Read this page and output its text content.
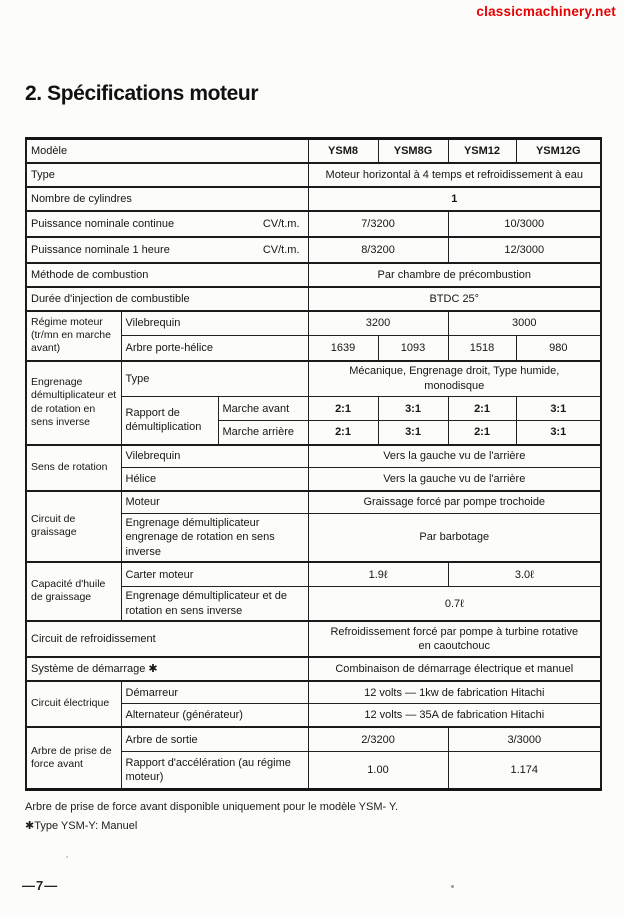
classicmachinery.net
2. Spécifications moteur
Modèle			YSM8	YSM8G	YSM12	YSM12G
Type			Moteur horizontal à 4 temps et refroidissement à eau			
Nombre de cylindres			1			

Puissance nominale continue CV/t.m.			7/3200		10/3000	

Puissance nominale 1 heure CV/t.m.			8/3200		12/3000	
Méthode de combustion			Par chambre de précombustion			
Durée d'injection de combustible			BTDC 25°			
Régime moteur (tr/mn en marche avant)	Vilebrequin		3200		3000	
	Arbre porte-hélice		1639	1093	1518	980
Engrenage démultiplicateur et de rotation en sens inverse	Type		Mécanique, Engrenage droit, Type humide, monodisque			
	Rapport de démultiplication	Marche avant	2:1	3:1	2:1	3:1
		Marche arrière	2:1	3:1	2:1	3:1
Sens de rotation	Vilebrequin		Vers la gauche vu de l'arrière			
	Hélice		Vers la gauche vu de l'arrière			
Circuit de graissage	Moteur		Graissage forcé par pompe trochoide			
	Engrenage démultiplicateur engrenage de rotation en sens inverse		Par barbotage			
Capacité d'huile de graissage	Carter moteur		1.9ℓ		3.0ℓ	
	Engrenage démultiplicateur et de rotation en sens inverse		0.7ℓ			
Circuit de refroidissement			Refroidissement forcé par pompe à turbine rotative en caoutchouc			
Système de démarrage ✱			Combinaison de démarrage électrique et manuel			
Circuit électrique	Démarreur		12 volts — 1kw de fabrication Hitachi			
	Alternateur (générateur)		12 volts — 35A de fabrication Hitachi			
Arbre de prise de force avant	Arbre de sortie		2/3200		3/3000	
	Rapport d'accélération (au régime moteur)		1.00		1.174	
Arbre de prise de force avant disponible uniquement pour le modèle YSM- Y.
✱Type YSM-Y: Manuel
—7—
